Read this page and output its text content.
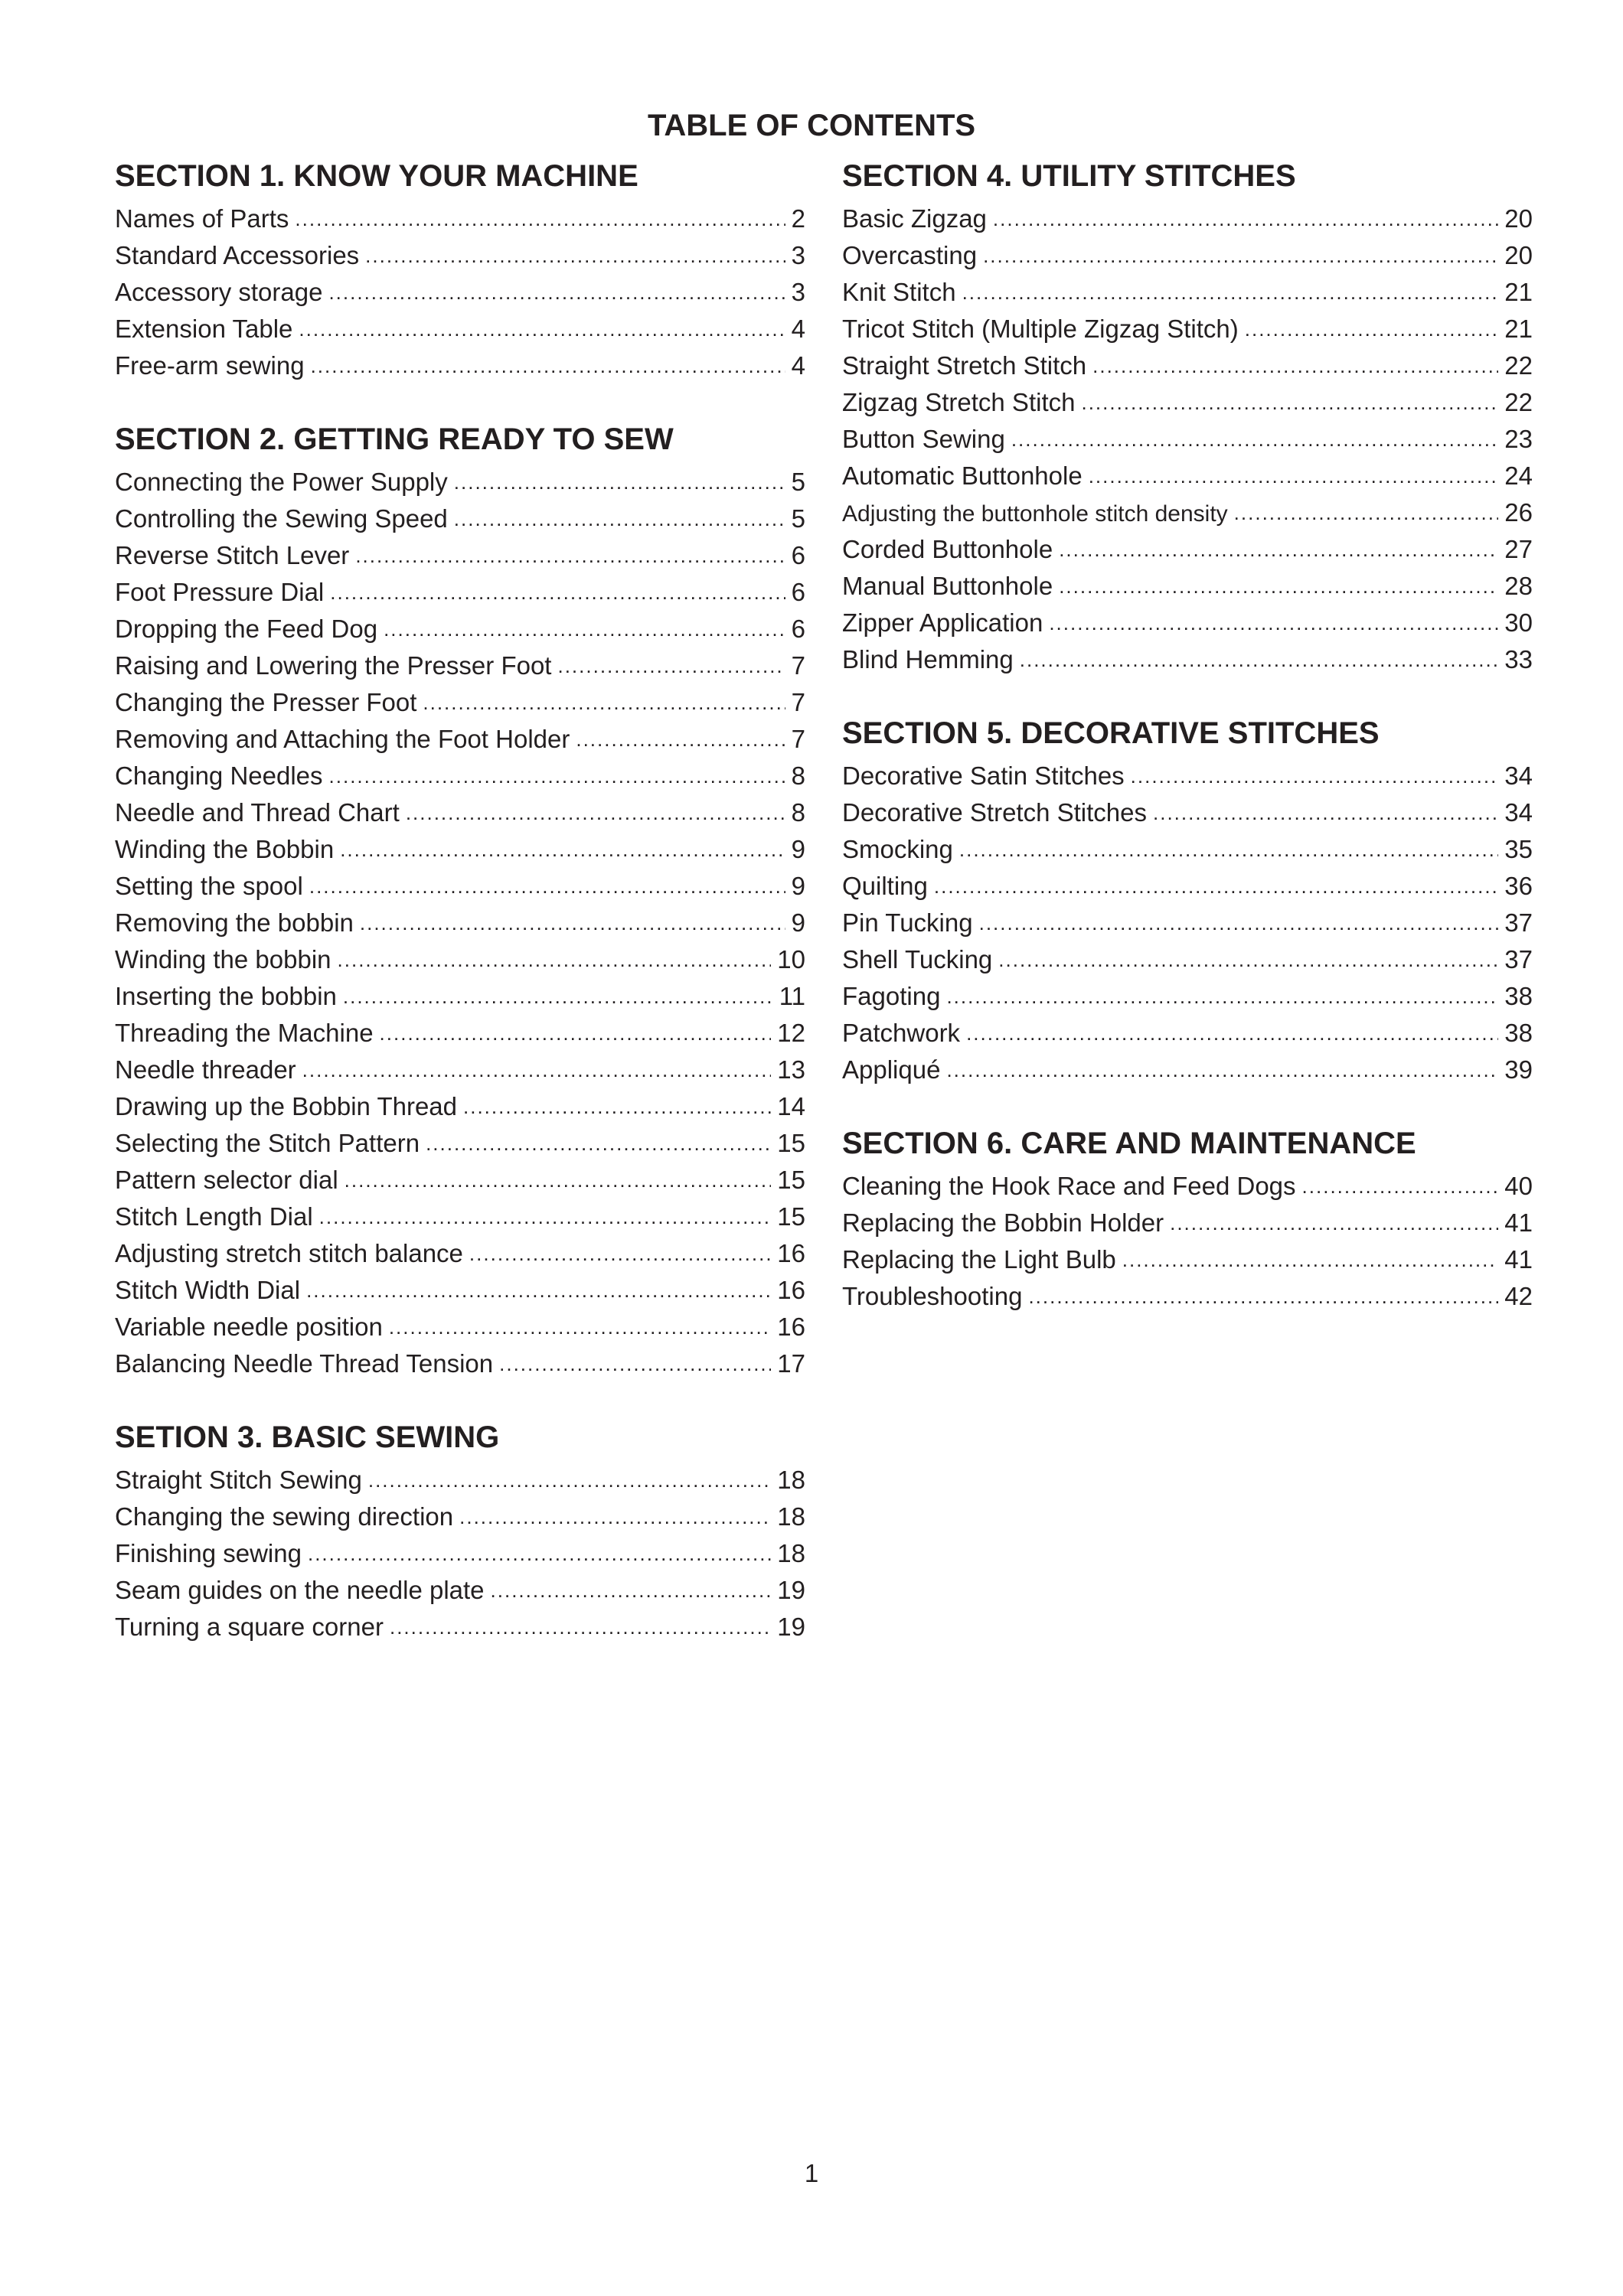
TABLE OF CONTENTS
SECTION 1. KNOW YOUR MACHINE
Names of Parts .....	2
Standard Accessories .....	3
Accessory storage .....	3
Extension Table .....	4
Free-arm sewing .....	4
SECTION 2. GETTING READY TO SEW
Connecting the Power Supply .....	5
Controlling the Sewing Speed .....	5
Reverse Stitch Lever .....	6
Foot Pressure Dial .....	6
Dropping the Feed Dog .....	6
Raising and Lowering the Presser Foot .....	7
Changing the Presser Foot .....	7
Removing and Attaching the Foot Holder .....	7
Changing Needles .....	8
Needle and Thread Chart .....	8
Winding the Bobbin .....	9
Setting the spool .....	9
Removing the bobbin .....	9
Winding the bobbin .....	10
Inserting the bobbin .....	11
Threading the Machine .....	12
Needle threader .....	13
Drawing up the Bobbin Thread .....	14
Selecting the Stitch Pattern .....	15
Pattern selector dial .....	15
Stitch Length Dial .....	15
Adjusting stretch stitch balance .....	16
Stitch Width Dial .....	16
Variable needle position .....	16
Balancing Needle Thread Tension .....	17
SETION 3. BASIC SEWING
Straight Stitch Sewing .....	18
Changing the sewing direction .....	18
Finishing sewing .....	18
Seam guides on the needle plate .....	19
Turning a square corner .....	19
SECTION 4. UTILITY STITCHES
Basic Zigzag .....	20
Overcasting .....	20
Knit Stitch .....	21
Tricot Stitch (Multiple Zigzag Stitch) .....	21
Straight Stretch Stitch .....	22
Zigzag Stretch Stitch .....	22
Button Sewing .....	23
Automatic Buttonhole .....	24
Adjusting the buttonhole stitch density .....	26
Corded Buttonhole .....	27
Manual Buttonhole .....	28
Zipper Application .....	30
Blind Hemming .....	33
SECTION 5. DECORATIVE STITCHES
Decorative Satin Stitches .....	34
Decorative Stretch Stitches .....	34
Smocking .....	35
Quilting .....	36
Pin Tucking .....	37
Shell Tucking .....	37
Fagoting .....	38
Patchwork .....	38
Appliqué .....	39
SECTION 6. CARE AND MAINTENANCE
Cleaning the Hook Race and Feed Dogs .....	40
Replacing the Bobbin Holder .....	41
Replacing the Light Bulb .....	41
Troubleshooting .....	42
1
